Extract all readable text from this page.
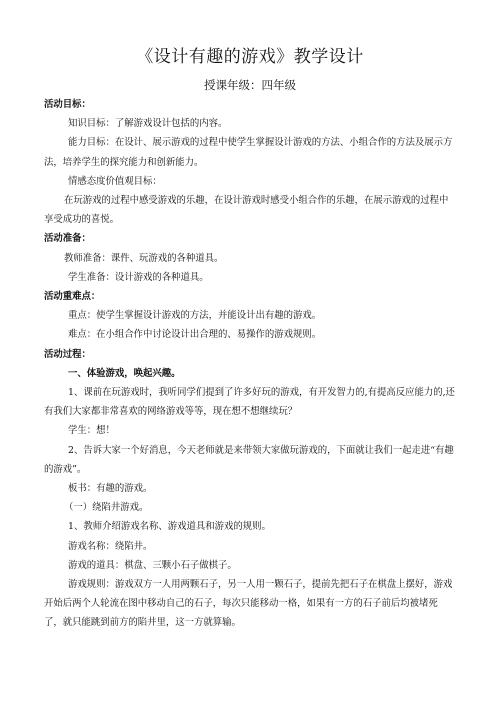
《设计有趣的游戏》教学设计
授课年级：四年级

活动目标：

知识目标：了解游戏设计包括的内容。

能力目标：在设计、展示游戏的过程中使学生掌握设计游戏的方法、小组合作的方法及展示方法，培养学生的探究能力和创新能力。

情感态度价值观目标：

在玩游戏的过程中感受游戏的乐趣，在设计游戏时感受小组合作的乐趣，在展示游戏的过程中享受成功的喜悦。

活动准备：

教师准备：课件、玩游戏的各种道具。

学生准备：设计游戏的各种道具。

活动重难点：

重点：使学生掌握设计游戏的方法，并能设计出有趣的游戏。

难点：在小组合作中讨论设计出合理的、易操作的游戏规则。

活动过程：

一、体验游戏，唤起兴趣。

1、课前在玩游戏时，我听同学们提到了许多好玩的游戏，有开发智力的,有提高反应能力的,还有我们大家都非常喜欢的网络游戏等等，现在想不想继续玩？

学生：想！

2、告诉大家一个好消息，今天老师就是来带领大家做玩游戏的，下面就让我们一起走进“有趣的游戏”。

板书：有趣的游戏。

（一）绕陷井游戏。

1、教师介绍游戏名称、游戏道具和游戏的规则。

游戏名称：绕陷井。

游戏的道具：棋盘、三颗小石子做棋子。

游戏规则：游戏双方一人用两颗石子，另一人用一颗石子，提前先把石子在棋盘上摆好，游戏开始后两个人轮流在图中移动自己的石子，每次只能移动一格，如果有一方的石子前后均被堵死了，就只能跳到前方的陷井里，这一方就算输。
